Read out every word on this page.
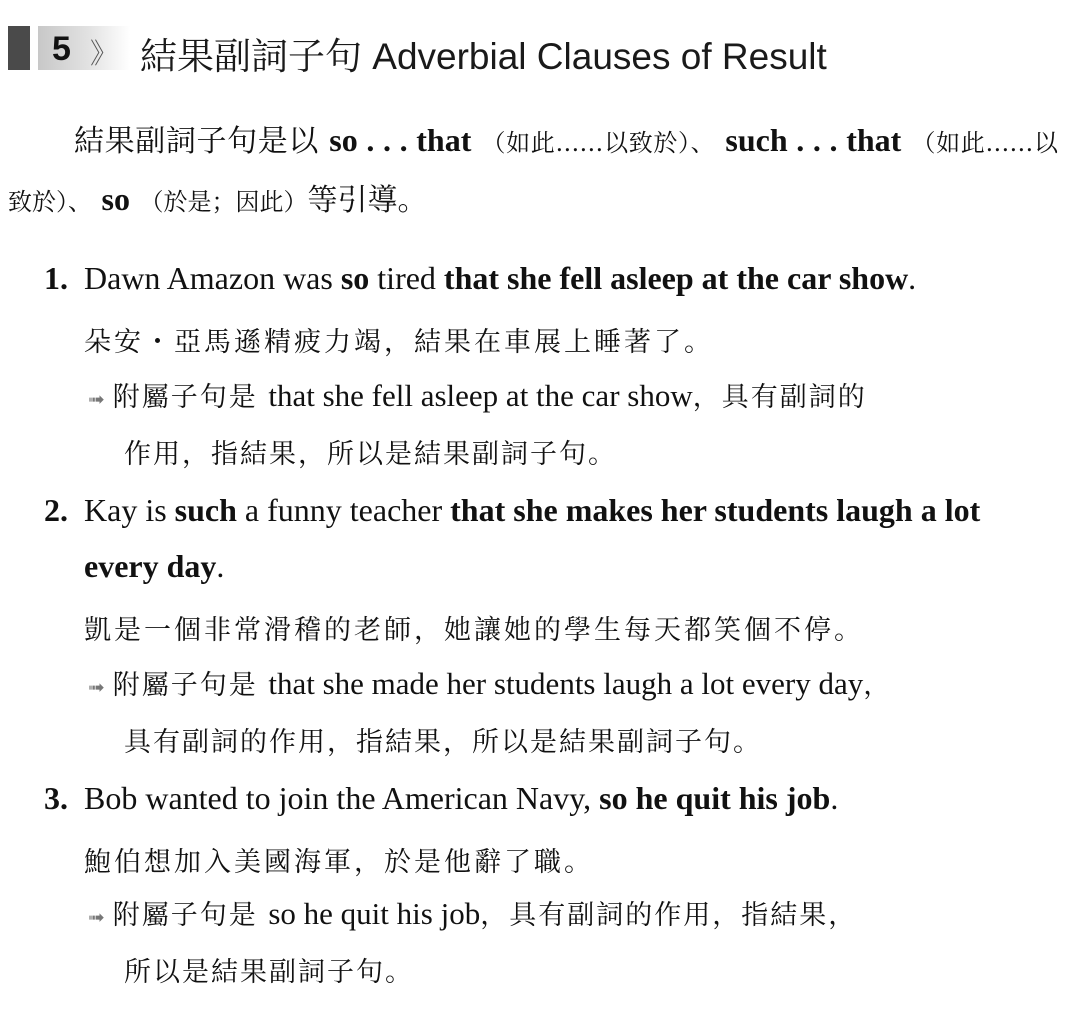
5 》 結果副詞子句 Adverbial Clauses of Result
結果副詞子句是以 so . . . that （如此……以致於）、 such . . . that （如此……以致於）、 so （於是；因此）等引導。
1. Dawn Amazon was so tired that she fell asleep at the car show.
朵安・亞馬遜精疲力竭，結果在車展上睡著了。
➟ 附屬子句是 that she fell asleep at the car show，具有副詞的
作用，指結果，所以是結果副詞子句。
2. Kay is such a funny teacher that she makes her students laugh a lot every day.
凱是一個非常滑稽的老師，她讓她的學生每天都笑個不停。
➟ 附屬子句是 that she made her students laugh a lot every day，
具有副詞的作用，指結果，所以是結果副詞子句。
3. Bob wanted to join the American Navy, so he quit his job.
鮑伯想加入美國海軍，於是他辭了職。
➟ 附屬子句是 so he quit his job，具有副詞的作用，指結果，
所以是結果副詞子句。
